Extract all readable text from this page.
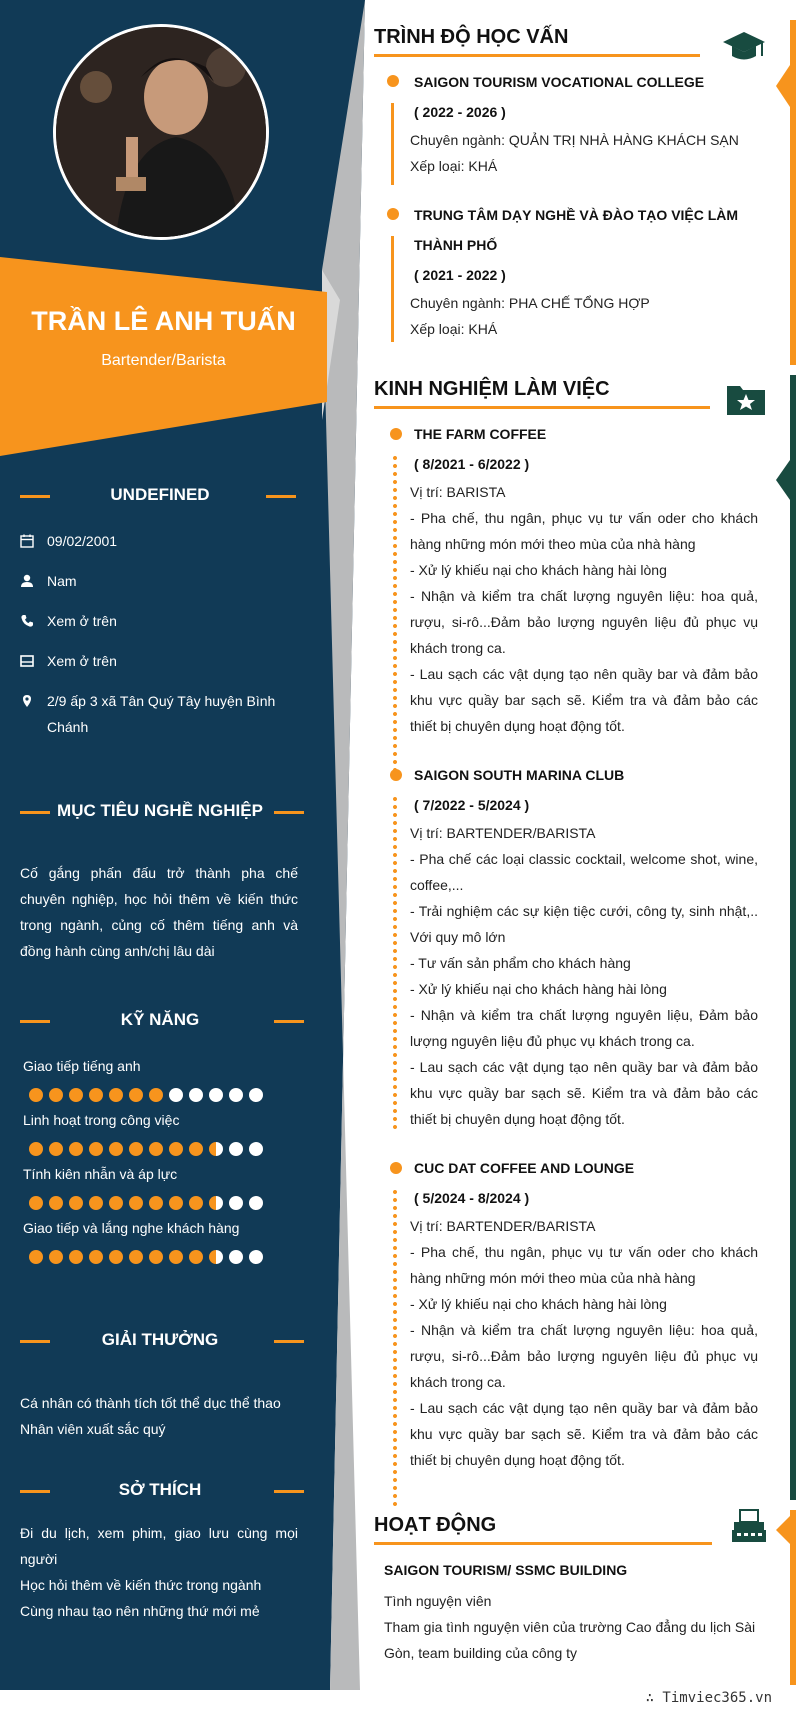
TRẦN LÊ ANH TUẤN
Bartender/Barista
UNDEFINED
09/02/2001
Nam
Xem ở trên
Xem ở trên
2/9 ấp 3 xã Tân Quý Tây huyện Bình Chánh
MỤC TIÊU NGHỀ NGHIỆP
Cố gắng phấn đấu trở thành pha chế chuyên nghiệp, học hỏi thêm về kiến thức trong ngành, củng cố thêm tiếng anh và đồng hành cùng anh/chị lâu dài
KỸ NĂNG
Giao tiếp tiếng anh
Linh hoạt trong công việc
Tính kiên nhẫn và áp lực
Giao tiếp và lắng nghe khách hàng
GIẢI THƯỞNG
Cá nhân có thành tích tốt thể dục thể thao
Nhân viên xuất sắc quý
SỞ THÍCH
Đi du lịch, xem phim, giao lưu cùng mọi người
Học hỏi thêm về kiến thức trong ngành
Cùng nhau tạo nên những thứ mới mẻ
TRÌNH ĐỘ HỌC VẤN
SAIGON TOURISM VOCATIONAL COLLEGE
( 2022 - 2026 )
Chuyên ngành: QUẢN TRỊ NHÀ HÀNG KHÁCH SẠN
Xếp loại: KHÁ
TRUNG TÂM DẠY NGHỀ VÀ ĐÀO TẠO VIỆC LÀM
THÀNH PHỐ
( 2021 - 2022 )
Chuyên ngành: PHA CHẾ TỔNG HỢP
Xếp loại: KHÁ
KINH NGHIỆM LÀM VIỆC
THE FARM COFFEE
( 8/2021 - 6/2022 )
Vị trí: BARISTA
- Pha chế, thu ngân, phục vụ tư vấn oder cho khách hàng những món mới theo mùa của nhà hàng
- Xử lý khiếu nại cho khách hàng hài lòng
- Nhận và kiểm tra chất lượng nguyên liệu: hoa quả, rượu, si-rô...Đảm bảo lượng nguyên liệu đủ phục vụ khách trong ca.
- Lau sạch các vật dụng tạo nên quầy bar và đảm bảo khu vực quầy bar sạch sẽ. Kiểm tra và đảm bảo các thiết bị chuyên dụng hoạt động tốt.
SAIGON SOUTH MARINA CLUB
( 7/2022 - 5/2024 )
Vị trí: BARTENDER/BARISTA
- Pha chế các loại classic cocktail, welcome shot, wine, coffee,...
- Trải nghiệm các sự kiện tiệc cưới, công ty, sinh nhật,.. Với quy mô lớn
- Tư vấn sản phẩm cho khách hàng
- Xử lý khiếu nại cho khách hàng hài lòng
- Nhận và kiểm tra chất lượng nguyên liệu, Đảm bảo lượng nguyên liệu đủ phục vụ khách trong ca.
- Lau sạch các vật dụng tạo nên quầy bar và đảm bảo khu vực quầy bar sạch sẽ. Kiểm tra và đảm bảo các thiết bị chuyên dụng hoạt động tốt.
CUC DAT COFFEE AND LOUNGE
( 5/2024 - 8/2024 )
Vị trí: BARTENDER/BARISTA
- Pha chế, thu ngân, phục vụ tư vấn oder cho khách hàng những món mới theo mùa của nhà hàng
- Xử lý khiếu nại cho khách hàng hài lòng
- Nhận và kiểm tra chất lượng nguyên liệu: hoa quả, rượu, si-rô...Đảm bảo lượng nguyên liệu đủ phục vụ khách trong ca.
- Lau sạch các vật dụng tạo nên quầy bar và đảm bảo khu vực quầy bar sạch sẽ. Kiểm tra và đảm bảo các thiết bị chuyên dụng hoạt động tốt.
HOẠT ĐỘNG
SAIGON TOURISM/ SSMC BUILDING
Tình nguyện viên
Tham gia tình nguyện viên của trường Cao đẳng du lịch Sài Gòn, team building của công ty
∴ Timviec365.vn
